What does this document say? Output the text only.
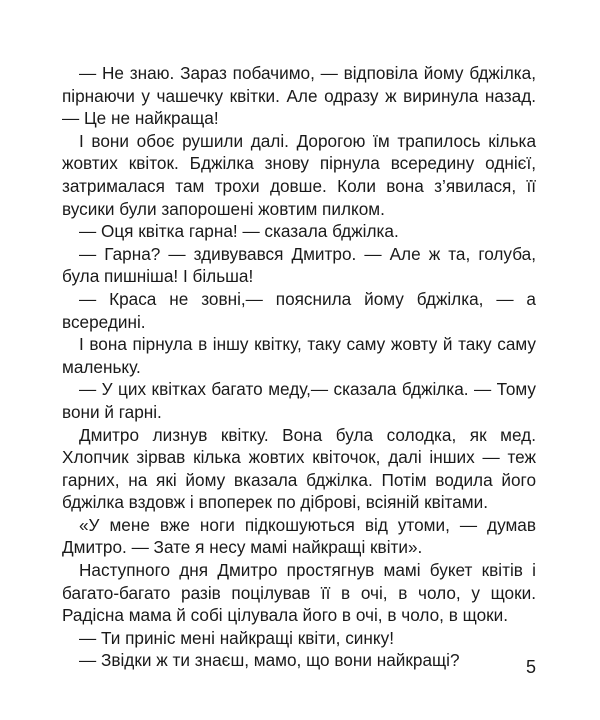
— Не знаю. Зараз побачимо, — відповіла йому бджілка, пірнаючи у чашечку квітки. Але одразу ж виринула назад. — Це не найкраща!

І вони обоє рушили далі. Дорогою їм трапилось кілька жовтих квіток. Бджілка знову пірнула всередину однієї, затрималася там трохи довше. Коли вона з’явилася, її вусики були запорошені жовтим пилком.

— Оця квітка гарна! — сказала бджілка.

— Гарна? — здивувався Дмитро. — Але ж та, голуба, була пишніша! І більша!

— Краса не зовні,— пояснила йому бджілка, — а всередині.

І вона пірнула в іншу квітку, таку саму жовту й таку саму маленьку.

— У цих квітках багато меду,— сказала бджілка. — Тому вони й гарні.

Дмитро лизнув квітку. Вона була солодка, як мед. Хлопчик зірвав кілька жовтих квіточок, далі інших — теж гарних, на які йому вказала бджілка. Потім водила його бджілка вздовж і впоперек по діброві, всіяній квітами.

«У мене вже ноги підкошуються від утоми, — думав Дмитро. — Зате я несу мамі найкращі квіти».

Наступного дня Дмитро простягнув мамі букет квітів і багато-багато разів поцілував її в очі, в чоло, у щоки. Радісна мама й собі цілувала його в очі, в чоло, в щоки.

— Ти приніс мені найкращі квіти, синку!

— Звідки ж ти знаєш, мамо, що вони найкращі?	5
